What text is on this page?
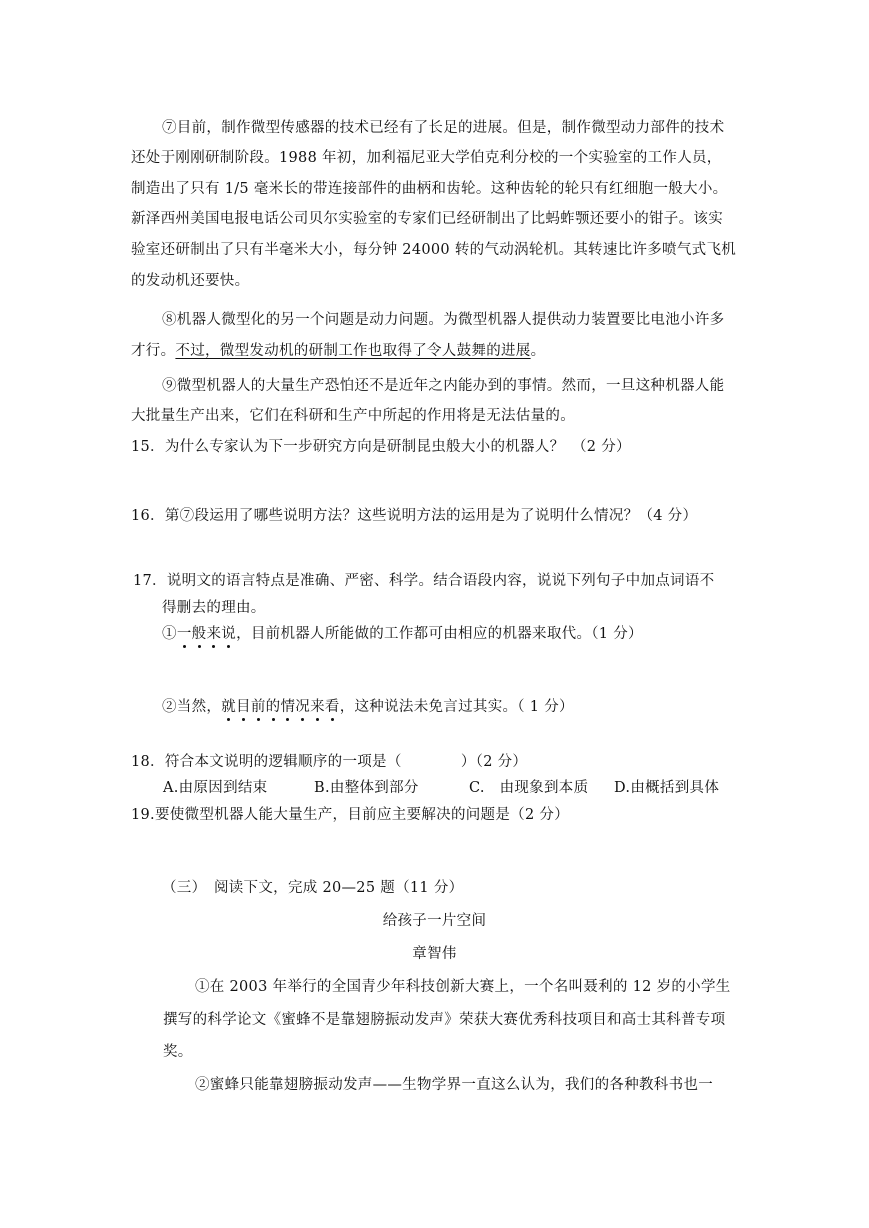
⑦目前，制作微型传感器的技术已经有了长足的进展。但是，制作微型动力部件的技术
还处于刚刚研制阶段。1988 年初，加利福尼亚大学伯克利分校的一个实验室的工作人员，
制造出了只有 1/5 毫米长的带连接部件的曲柄和齿轮。这种齿轮的轮只有红细胞一般大小。
新泽西州美国电报电话公司贝尔实验室的专家们已经研制出了比蚂蚱颚还要小的钳子。该实
验室还研制出了只有半毫米大小，每分钟 24000 转的气动涡轮机。其转速比许多喷气式飞机
的发动机还要快。
⑧机器人微型化的另一个问题是动力问题。为微型机器人提供动力装置要比电池小许多
才行。不过，微型发动机的研制工作也取得了令人鼓舞的进展。
⑨微型机器人的大量生产恐怕还不是近年之内能办到的事情。然而，一旦这种机器人能
大批量生产出来，它们在科研和生产中所起的作用将是无法估量的。
15．为什么专家认为下一步研究方向是研制昆虫般大小的机器人？　（2 分）
16．第⑦段运用了哪些说明方法？这些说明方法的运用是为了说明什么情况？（4 分）
17．说明文的语言特点是准确、严密、科学。结合语段内容，说说下列句子中加点词语不
得删去的理由。
①一般来说，目前机器人所能做的工作都可由相应的机器来取代。（1 分）
②当然，就目前的情况来看，这种说法未免言过其实。（ 1 分）
18．符合本文说明的逻辑顺序的一项是（　　　　）（2 分）
A.由原因到结束	B.由整体到部分	C.　由现象到本质 D.由概括到具体
19.要使微型机器人能大量生产，目前应主要解决的问题是（2 分）
（三）　阅读下文，完成 20—25 题（11 分）
给孩子一片空间
章智伟
①在 2003 年举行的全国青少年科技创新大赛上，一个名叫聂利的 12 岁的小学生
撰写的科学论文《蜜蜂不是靠翅膀振动发声》荣获大赛优秀科技项目和高士其科普专项
奖。
②蜜蜂只能靠翅膀振动发声——生物学界一直这么认为，我们的各种教科书也一
